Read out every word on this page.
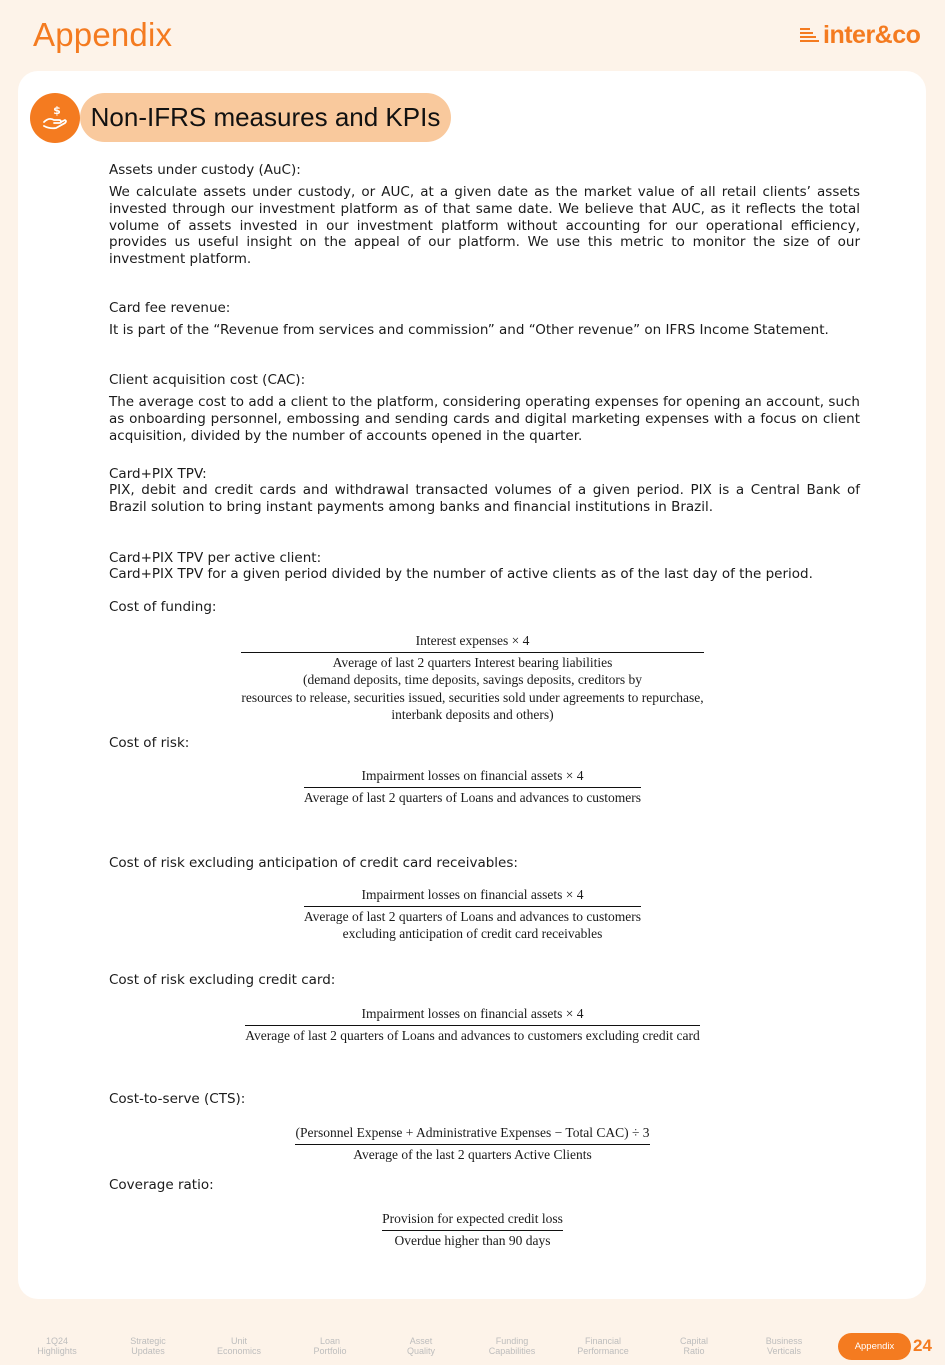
Appendix	inter&co
Non-IFRS measures and KPIs
$

Assets under custody (AuC):

We calculate assets under custody, or AUC, at a given date as the market value of all retail clients’ assets invested through our investment platform as of that same date. We believe that AUC, as it reflects the total volume of assets invested in our investment platform without accounting for our operational efficiency, provides us useful insight on the appeal of our platform. We use this metric to monitor the size of our investment platform.

Card fee revenue:

It is part of the “Revenue from services and commission” and “Other revenue” on IFRS Income Statement.

Client acquisition cost (CAC):

The average cost to add a client to the platform, considering operating expenses for opening an account, such as onboarding personnel, embossing and sending cards and digital marketing expenses with a focus on client acquisition, divided by the number of accounts opened in the quarter.

Card+PIX TPV:

PIX, debit and credit cards and withdrawal transacted volumes of a given period. PIX is a Central Bank of Brazil solution to bring instant payments among banks and financial institutions in Brazil.

Card+PIX TPV per active client:

Card+PIX TPV for a given period divided by the number of active clients as of the last day of the period.

Cost of funding:

Interest expenses × 4
Average of last 2 quarters Interest bearing liabilities
(demand deposits, time deposits, savings deposits, creditors by
resources to release, securities issued, securities sold under agreements to repurchase,
interbank deposits and others)

Cost of risk:

Impairment losses on financial assets × 4
Average of last 2 quarters of Loans and advances to customers

Cost of risk excluding anticipation of credit card receivables:

Impairment losses on financial assets × 4
Average of last 2 quarters of Loans and advances to customers
excluding anticipation of credit card receivables

Cost of risk excluding credit card:

Impairment losses on financial assets × 4
Average of last 2 quarters of Loans and advances to customers excluding credit card

Cost-to-serve (CTS):

(Personnel Expense + Administrative Expenses − Total CAC) ÷ 3
Average of the last 2 quarters Active Clients

Coverage ratio:

$\frac{\text{Provision for expected credit loss}}{\text{Overdue higher than 90 days}}$
1Q24
Highlights
Strategic
Updates
Unit
Economics
Loan
Portfolio
Asset
Quality
Funding
Capabilities
Financial
Performance
Capital
Ratio
Business
Verticals	Appendix 24
